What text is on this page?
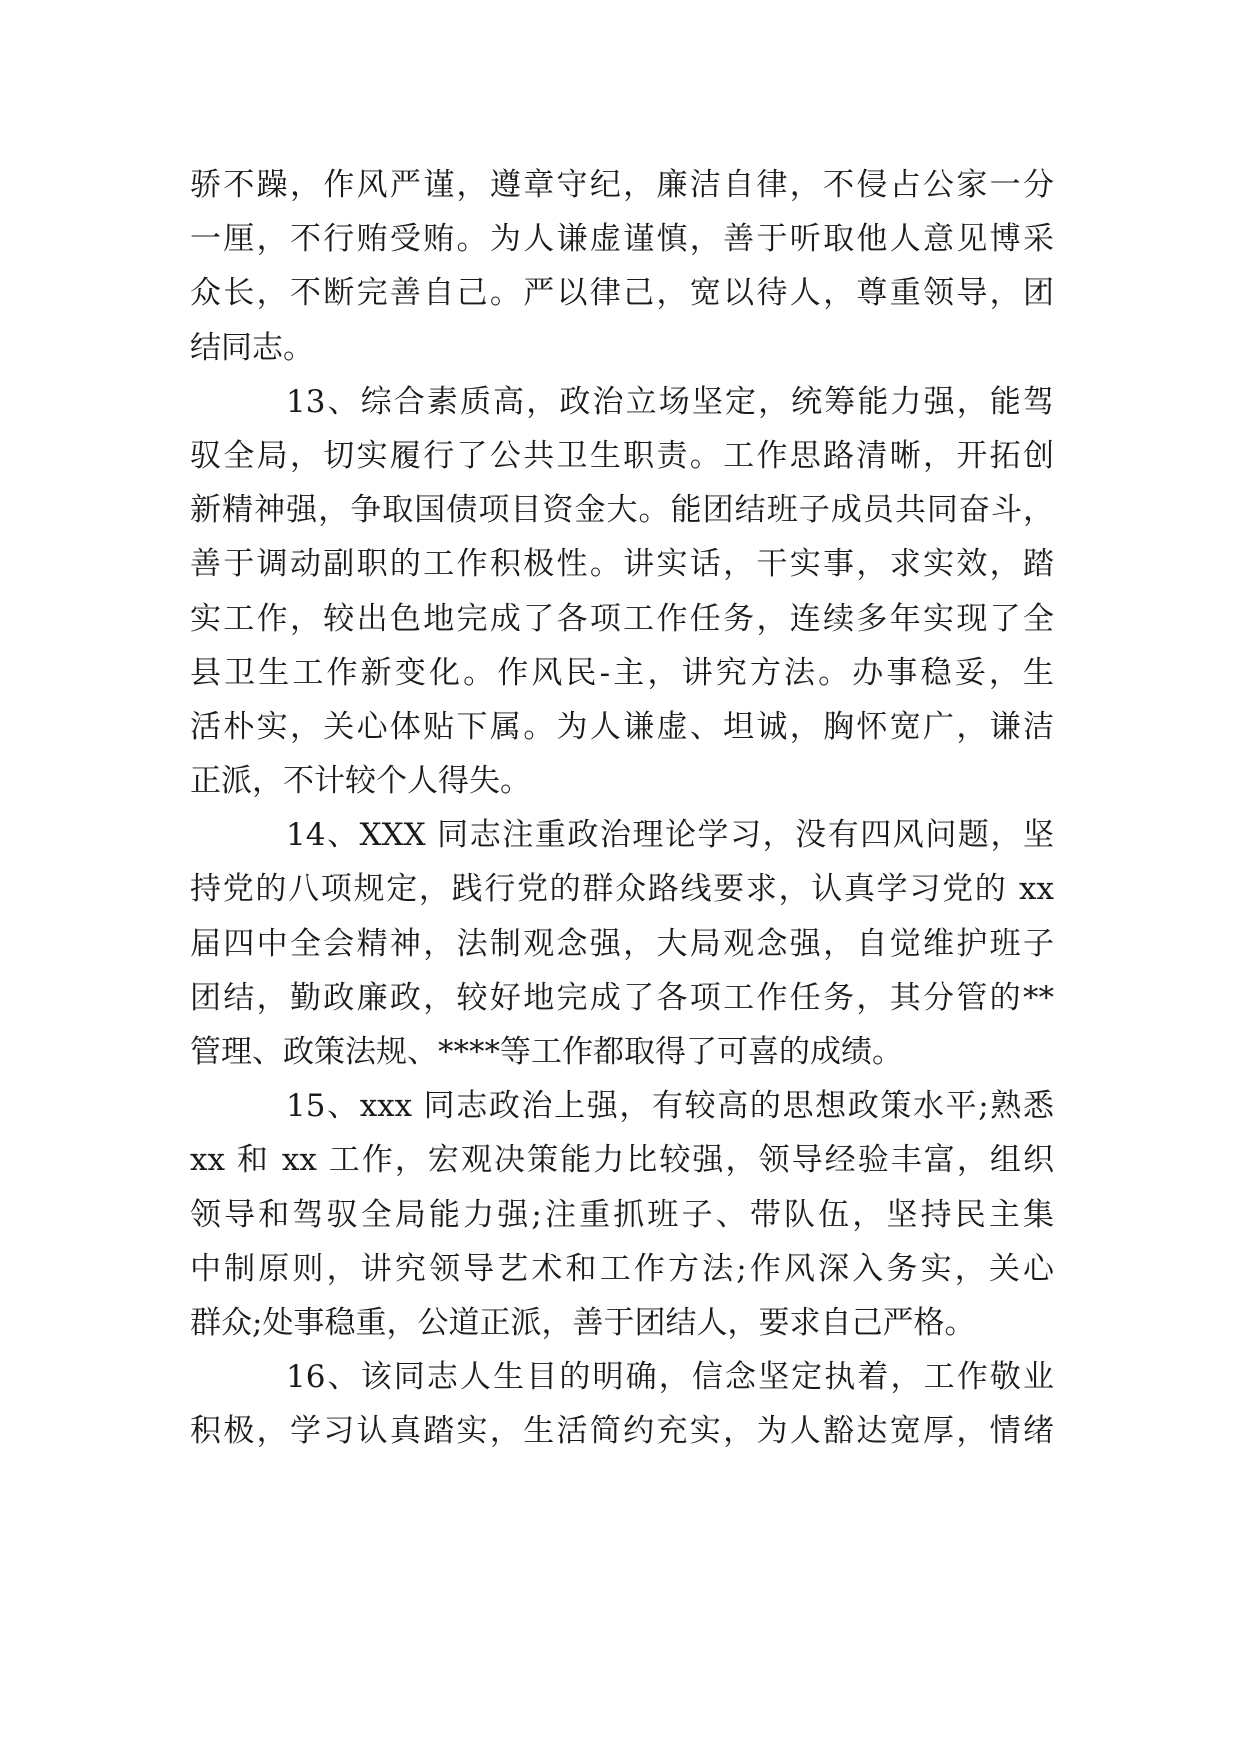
骄不躁，作风严谨，遵章守纪，廉洁自律，不侵占公家一分
一厘，不行贿受贿。为人谦虚谨慎，善于听取他人意见博采
众长，不断完善自己。严以律己，宽以待人，尊重领导，团
结同志。
13、综合素质高，政治立场坚定，统筹能力强，能驾
驭全局，切实履行了公共卫生职责。工作思路清晰，开拓创
新精神强，争取国债项目资金大。能团结班子成员共同奋斗，
善于调动副职的工作积极性。讲实话，干实事，求实效，踏
实工作，较出色地完成了各项工作任务，连续多年实现了全
县卫生工作新变化。作风民-主，讲究方法。办事稳妥，生
活朴实，关心体贴下属。为人谦虚、坦诚，胸怀宽广，谦洁
正派，不计较个人得失。
14、XXX 同志注重政治理论学习，没有四风问题，坚
持党的八项规定，践行党的群众路线要求，认真学习党的 xx
届四中全会精神，法制观念强，大局观念强，自觉维护班子
团结，勤政廉政，较好地完成了各项工作任务，其分管的**
管理、政策法规、****等工作都取得了可喜的成绩。
15、xxx 同志政治上强，有较高的思想政策水平;熟悉
xx 和 xx 工作，宏观决策能力比较强，领导经验丰富，组织
领导和驾驭全局能力强;注重抓班子、带队伍，坚持民主集
中制原则，讲究领导艺术和工作方法;作风深入务实，关心
群众;处事稳重，公道正派，善于团结人，要求自己严格。
16、该同志人生目的明确，信念坚定执着，工作敬业
积极，学习认真踏实，生活简约充实，为人豁达宽厚，情绪
